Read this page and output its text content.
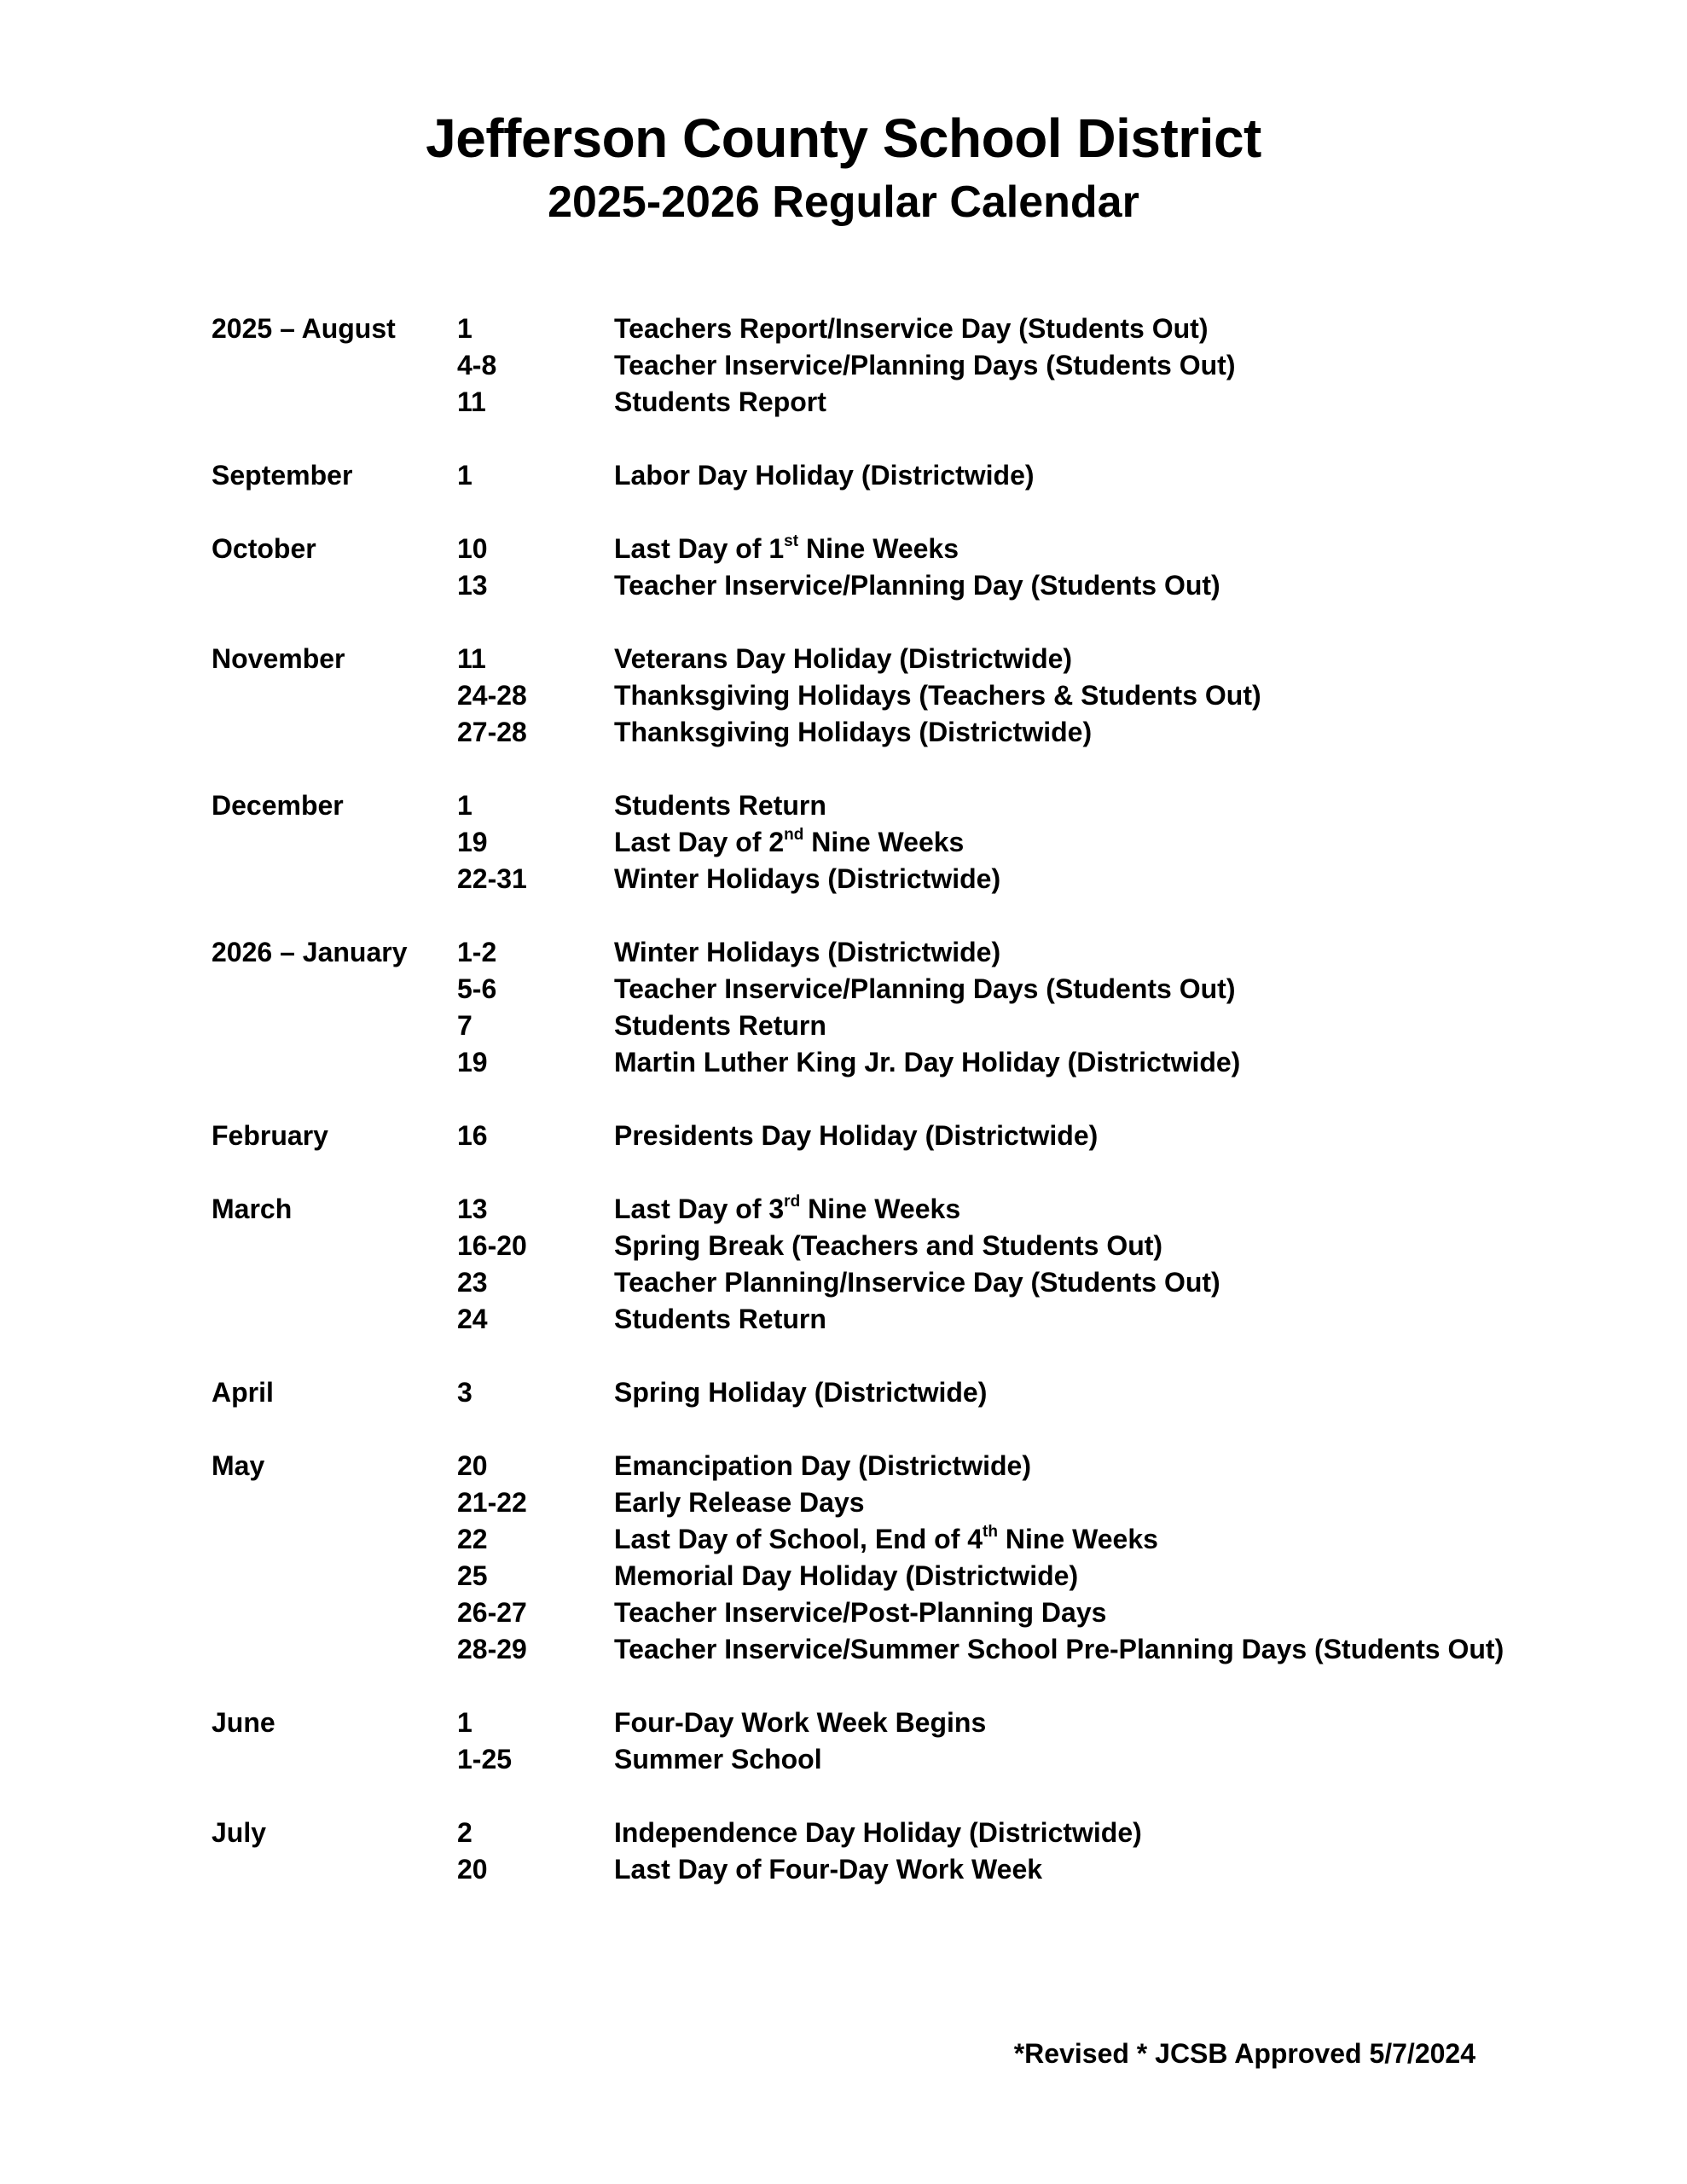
Jefferson County School District
2025-2026 Regular Calendar
2025 – August	1	Teachers Report/Inservice Day (Students Out)
4-8	Teacher Inservice/Planning Days (Students Out)
11	Students Report
September	1	Labor Day Holiday (Districtwide)
October	10	Last Day of 1st Nine Weeks
13	Teacher Inservice/Planning Day (Students Out)
November	11	Veterans Day Holiday (Districtwide)
24-28	Thanksgiving Holidays (Teachers & Students Out)
27-28	Thanksgiving Holidays (Districtwide)
December	1	Students Return
19	Last Day of 2nd Nine Weeks
22-31	Winter Holidays (Districtwide)
2026 – January	1-2	Winter Holidays (Districtwide)
5-6	Teacher Inservice/Planning Days (Students Out)
7	Students Return
19	Martin Luther King Jr. Day Holiday (Districtwide)
February	16	Presidents Day Holiday (Districtwide)
March	13	Last Day of 3rd Nine Weeks
16-20	Spring Break (Teachers and Students Out)
23	Teacher Planning/Inservice Day (Students Out)
24	Students Return
April	3	Spring Holiday (Districtwide)
May	20	Emancipation Day (Districtwide)
21-22	Early Release Days
22	Last Day of School, End of 4th Nine Weeks
25	Memorial Day Holiday (Districtwide)
26-27	Teacher Inservice/Post-Planning Days
28-29	Teacher Inservice/Summer School Pre-Planning Days (Students Out)
June	1	Four-Day Work Week Begins
1-25	Summer School
July	2	Independence Day Holiday (Districtwide)
20	Last Day of Four-Day Work Week
*Revised * JCSB Approved 5/7/2024
